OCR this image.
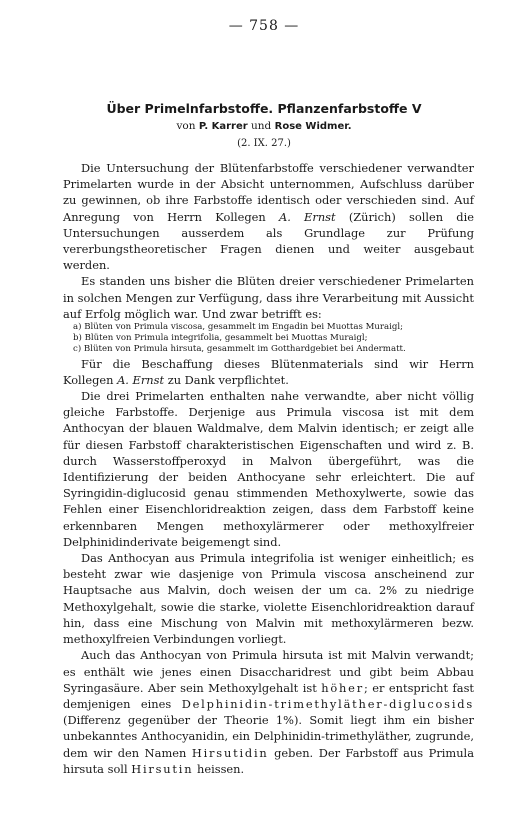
— 758 —
Über Primelnfarbstoffe. Pflanzenfarbstoffe V
von P. Karrer und Rose Widmer.
(2. IX. 27.)

Die Untersuchung der Blütenfarbstoffe verschiedener verwandter Primelarten wurde in der Absicht unternommen, Aufschluss darüber zu gewinnen, ob ihre Farbstoffe identisch oder verschieden sind. Auf Anregung von Herrn Kollegen A. Ernst (Zürich) sollen die Untersuchungen ausserdem als Grundlage zur Prüfung vererbungstheoretischer Fragen dienen und weiter ausgebaut werden.

Es standen uns bisher die Blüten dreier verschiedener Primelarten in solchen Mengen zur Verfügung, dass ihre Verarbeitung mit Aussicht auf Erfolg möglich war. Und zwar betrifft es:

a) Blüten von Primula viscosa, gesammelt im Engadin bei Muottas Muraigl;
b) Blüten von Primula integrifolia, gesammelt bei Muottas Muraigl;
c) Blüten von Primula hirsuta, gesammelt im Gotthardgebiet bei Andermatt.

Für die Beschaffung dieses Blütenmaterials sind wir Herrn Kollegen A. Ernst zu Dank verpflichtet.

Die drei Primelarten enthalten nahe verwandte, aber nicht völlig gleiche Farbstoffe. Derjenige aus Primula viscosa ist mit dem Anthocyan der blauen Waldmalve, dem Malvin identisch; er zeigt alle für diesen Farbstoff charakteristischen Eigenschaften und wird z. B. durch Wasserstoffperoxyd in Malvon übergeführt, was die Identifizierung der beiden Anthocyane sehr erleichtert. Die auf Syringidin-diglucosid genau stimmenden Methoxylwerte, sowie das Fehlen einer Eisenchloridreaktion zeigen, dass dem Farbstoff keine erkennbaren Mengen methoxylärmerer oder methoxylfreier Delphinidinderivate beigemengt sind.

Das Anthocyan aus Primula integrifolia ist weniger einheitlich; es besteht zwar wie dasjenige von Primula viscosa anscheinend zur Hauptsache aus Malvin, doch weisen der um ca. 2% zu niedrige Methoxylgehalt, sowie die starke, violette Eisenchloridreaktion darauf hin, dass eine Mischung von Malvin mit methoxylärmeren bezw. methoxylfreien Verbindungen vorliegt.

Auch das Anthocyan von Primula hirsuta ist mit Malvin verwandt; es enthält wie jenes einen Disaccharidrest und gibt beim Abbau Syringasäure. Aber sein Methoxylgehalt ist höher; er entspricht fast demjenigen eines Delphinidin-trimethyläther-diglucosids (Differenz gegenüber der Theorie 1%). Somit liegt ihm ein bisher unbekanntes Anthocyanidin, ein Delphinidin-trimethyläther, zugrunde, dem wir den Namen Hirsutidin geben. Der Farbstoff aus Primula hirsuta soll Hirsutin heissen.
